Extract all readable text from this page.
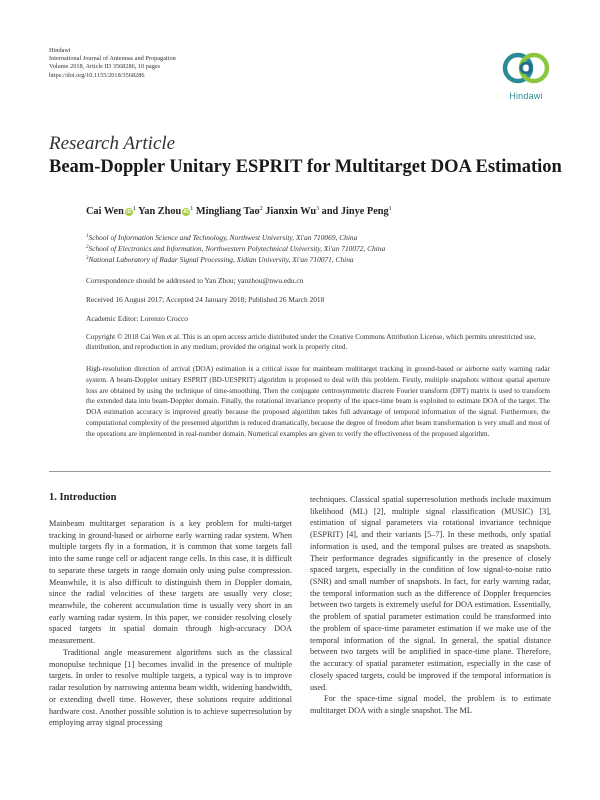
Hindawi
International Journal of Antennas and Propagation
Volume 2018, Article ID 3568286, 10 pages
https://doi.org/10.1155/2018/3568286
Hindawi
Research Article
Beam-Doppler Unitary ESPRIT for Multitarget DOA Estimation
Cai Wen $iD^1$ Yan Zhou $iD^1$ Mingliang Tao$^2$ Jianxin Wu$^3$ and Jinye Peng$^1$
$^1$School of Information Science and Technology, Northwest University, Xi'an 710069, China
$^2$School of Electronics and Information, Northwestern Polytechnical University, Xi'an 710072, China
$^3$National Laboratory of Radar Signal Processing, Xidian University, Xi'an 710071, China
Correspondence should be addressed to Yan Zhou; yanzhou@nwu.edu.cn
Received 16 August 2017; Accepted 24 January 2018; Published 26 March 2018
Academic Editor: Lorenzo Crocco
Copyright © 2018 Cai Wen et al. This is an open access article distributed under the Creative Commons Attribution License, which permits unrestricted use, distribution, and reproduction in any medium, provided the original work is properly cited.
High-resolution direction of arrival (DOA) estimation is a critical issue for mainbeam multitarget tracking in ground-based or airborne early warning radar system. A beam-Doppler unitary ESPRIT (BD-UESPRIT) algorithm is proposed to deal with this problem. Firstly, multiple snapshots without spatial aperture loss are obtained by using the technique of time-smoothing. Then the conjugate centrosymmetric discrete Fourier transform (DFT) matrix is used to transform the extended data into beam-Doppler domain. Finally, the rotational invariance property of the space-time beam is exploited to estimate DOA of the target. The DOA estimation accuracy is improved greatly because the proposed algorithm takes full advantage of temporal information of the signal. Furthermore, the computational complexity of the presented algorithm is reduced dramatically, because the degree of freedom after beam transformation is very small and most of the operations are implemented in real-number domain. Numerical examples are given to verify the effectiveness of the proposed algorithm.
1. Introduction

Mainbeam multitarget separation is a key problem for multi-target tracking in ground-based or airborne early warning radar system. When multiple targets fly in a formation, it is common that some targets fall into the same range cell or adjacent range cells. In this case, it is difficult to separate these targets in range domain only using pulse compression. Meanwhile, it is also difficult to distinguish them in Doppler domain, since the radial velocities of these targets are usually very close; meanwhile, the coherent accumulation time is usually very short in an early warning radar system. In this paper, we consider resolving closely spaced targets in spatial domain through high-accuracy DOA measurement.

Traditional angle measurement algorithms such as the classical monopulse technique [1] becomes invalid in the presence of multiple targets. In order to resolve multiple targets, a typical way is to improve radar resolution by narrowing antenna beam width, widening bandwidth, or extending dwell time. However, these solutions require additional hardware cost. Another possible solution is to achieve superresolution by employing array signal processing

techniques. Classical spatial superresolution methods include maximum likelihood (ML) [2], multiple signal classification (MUSIC) [3], estimation of signal parameters via rotational invariance technique (ESPRIT) [4], and their variants [5–7]. In these methods, only spatial information is used, and the temporal pulses are treated as snapshots. Their performance degrades significantly in the presence of closely spaced targets, especially in the condition of low signal-to-noise ratio (SNR) and small number of snapshots. In fact, for early warning radar, the temporal information such as the difference of Doppler frequencies between two targets is extremely useful for DOA estimation. Essentially, the problem of spatial parameter estimation could be transformed into the problem of space-time parameter estimation if we make use of the temporal information of the signal. In general, the spatial distance between two targets will be amplified in space-time plane. Therefore, the accuracy of spatial parameter estimation, especially in the case of closely spaced targets, could be improved if the temporal information is used.

For the space-time signal model, the problem is to estimate multitarget DOA with a single snapshot. The ML
